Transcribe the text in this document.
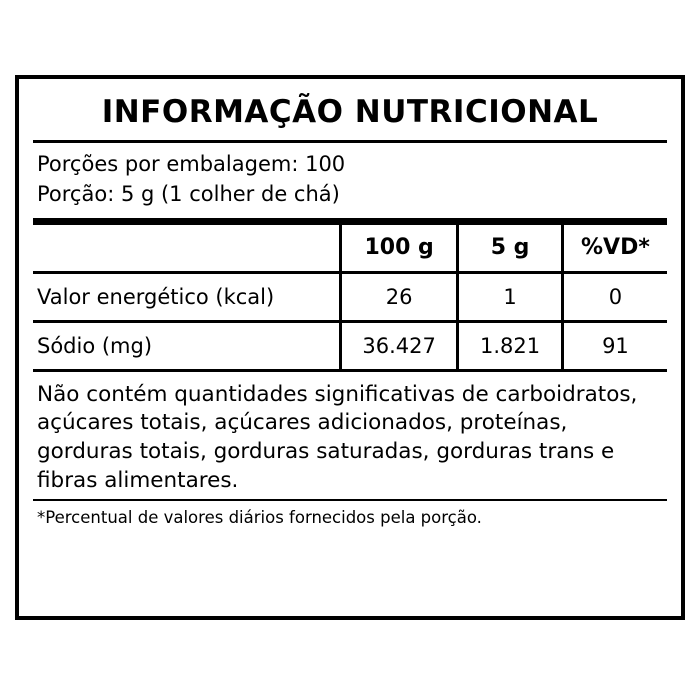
INFORMAÇÃO NUTRICIONAL
Porções por embalagem: 100
Porção: 5 g (1 colher de chá)
	100 g	5 g	%VD*
Valor energético (kcal)	26	1	0
Sódio (mg)	36.427	1.821	91
Não contém quantidades significativas de carboidratos, açúcares totais, açúcares adicionados, proteínas, gorduras totais, gorduras saturadas, gorduras trans e fibras alimentares.
*Percentual de valores diários fornecidos pela porção.
